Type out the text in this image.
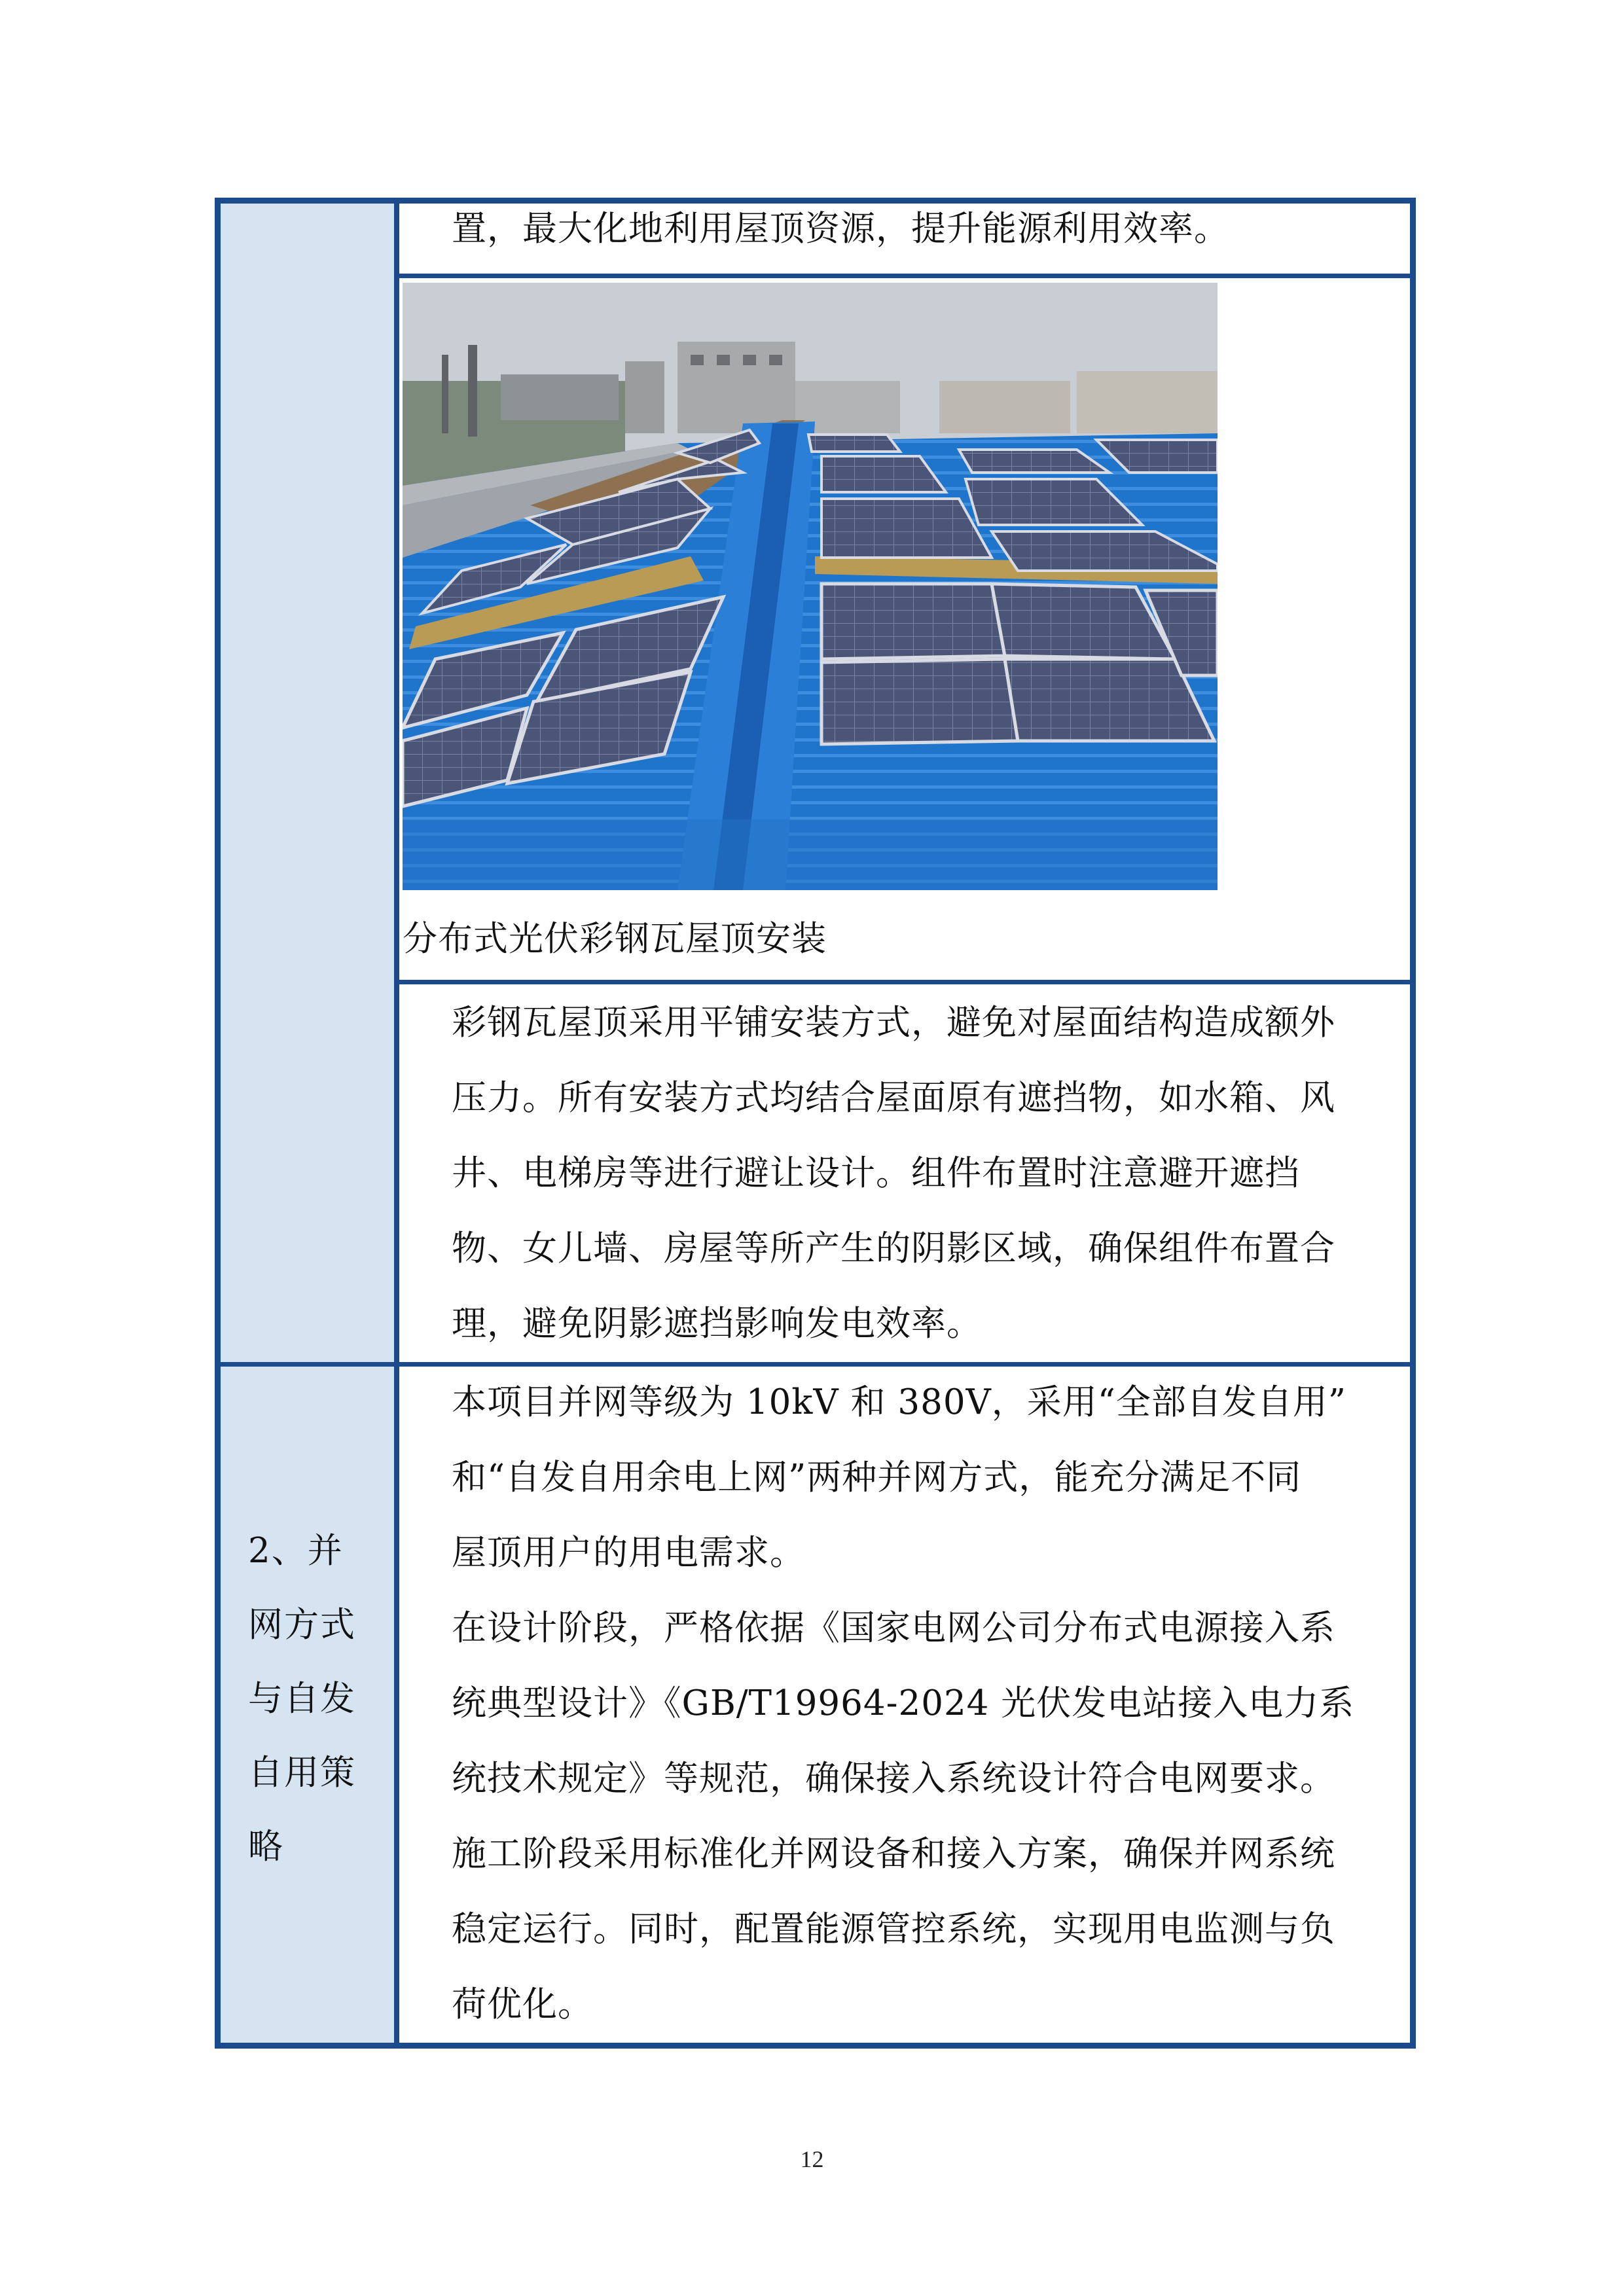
置，最大化地利用屋顶资源，提升能源利用效率。

分布式光伏彩钢瓦屋顶安装

彩钢瓦屋顶采用平铺安装方式，避免对屋面结构造成额外

压力。所有安装方式均结合屋面原有遮挡物，如水箱、风

井、电梯房等进行避让设计。组件布置时注意避开遮挡

物、女儿墙、房屋等所产生的阴影区域，确保组件布置合

理，避免阴影遮挡影响发电效率。

2、并
网方式
与自发
自用策
略

本项目并网等级为 10kV 和 380V，采用“全部自发自用”

和“自发自用余电上网”两种并网方式，能充分满足不同

屋顶用户的用电需求。

在设计阶段，严格依据《国家电网公司分布式电源接入系

统典型设计》《GB/T19964-2024 光伏发电站接入电力系

统技术规定》等规范，确保接入系统设计符合电网要求。

施工阶段采用标准化并网设备和接入方案，确保并网系统

稳定运行。同时，配置能源管控系统，实现用电监测与负

荷优化。

12
